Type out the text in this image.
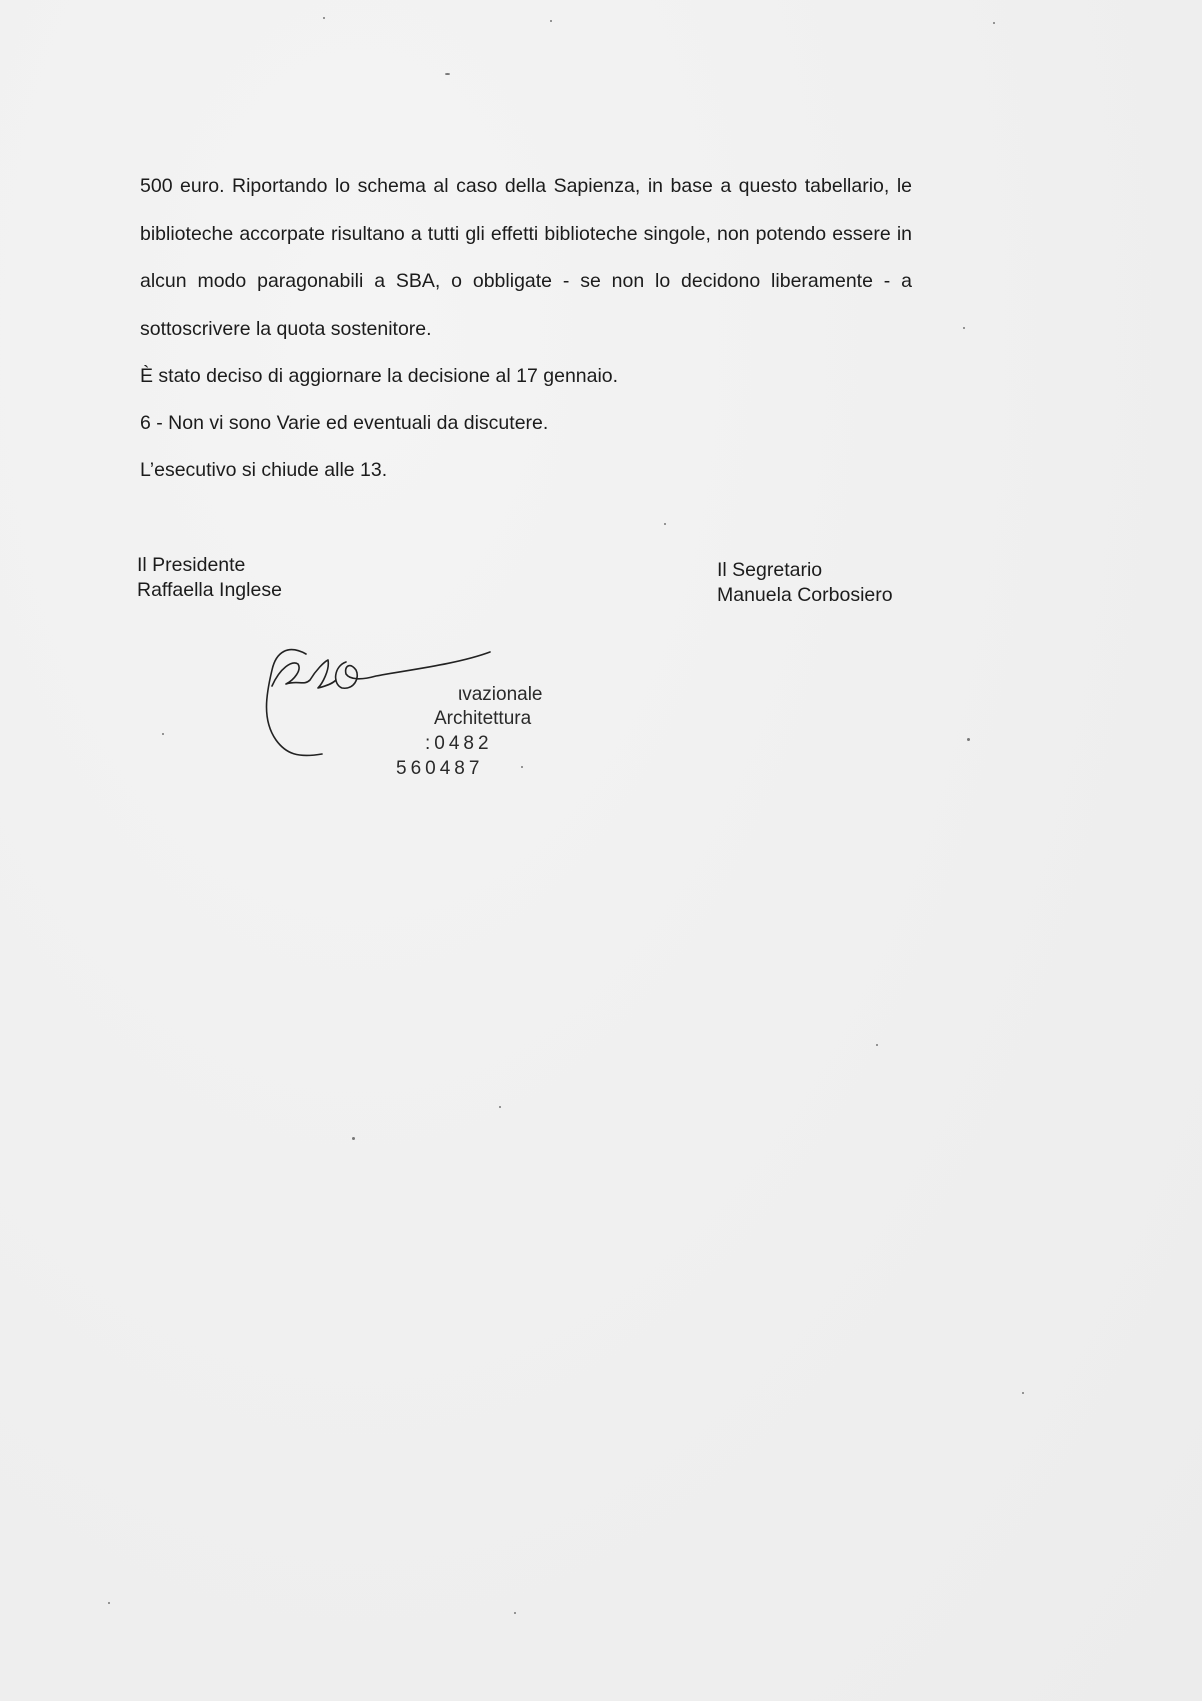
500 euro. Riportando lo schema al caso della Sapienza, in base a questo tabellario, le biblioteche accorpate risultano a tutti gli effetti biblioteche singole, non potendo essere in alcun modo paragonabili a SBA, o obbligate - se non lo decidono liberamente - a sottoscrivere la quota sostenitore.

È stato deciso di aggiornare la decisione al 17 gennaio.

6 - Non vi sono Varie ed eventuali da discutere.

L’esecutivo si chiude alle 13.

Il Presidente
Raffaella Inglese
Il Segretario
Manuela Corbosiero
ιvazionale
Architettura
:0482
560487
